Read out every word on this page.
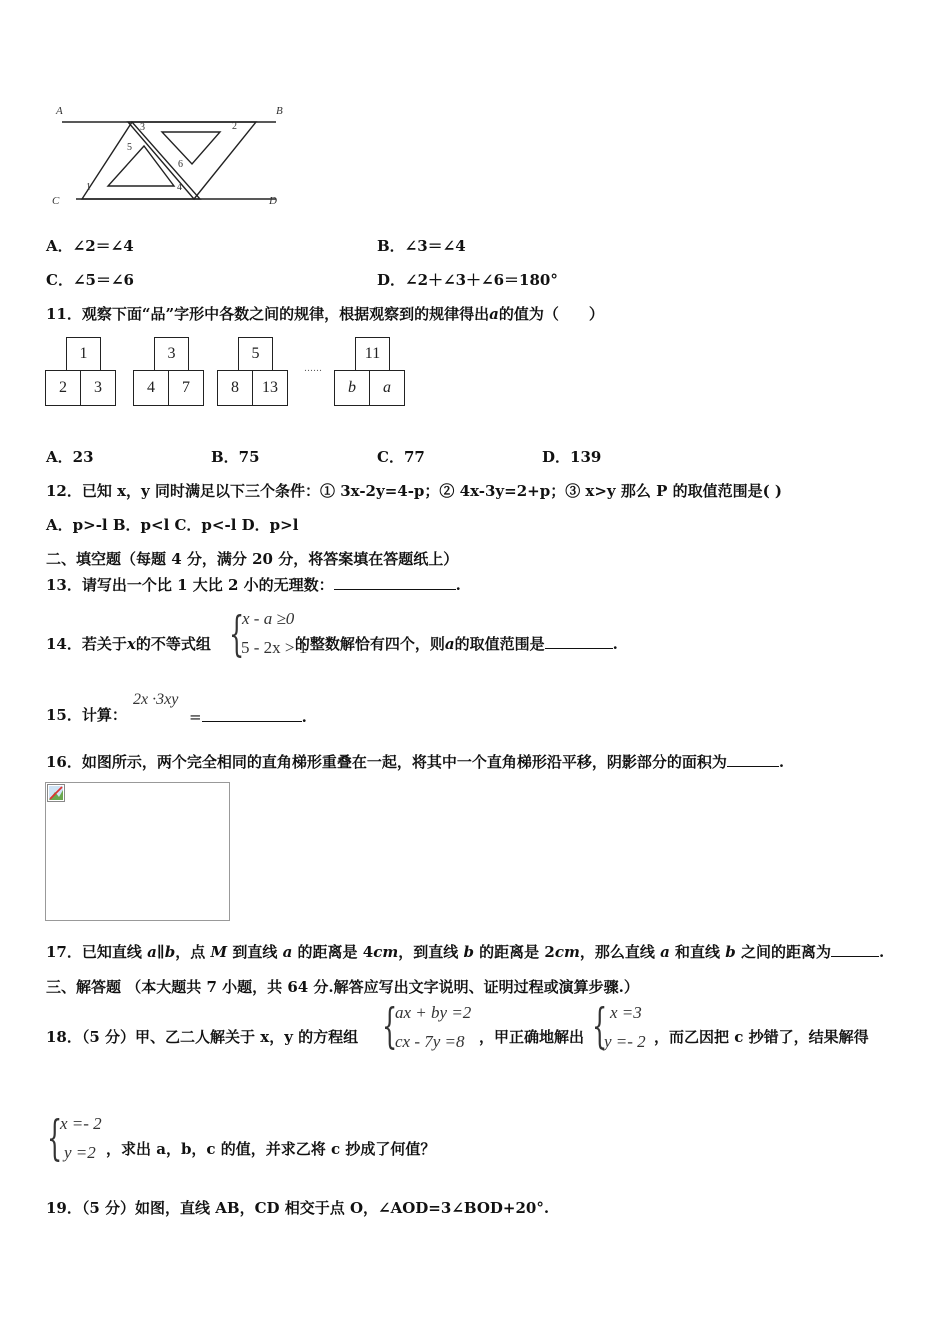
A	B
C	D
1
2
3
4
5
6
A．∠2＝∠4	B．∠3＝∠4
C．∠5＝∠6	D．∠2＋∠3＋∠6＝180°
11．观察下面“品”字形中各数之间的规律，根据观察到的规律得出a的值为（　　）
1
2	3
3
4	7
5
8	13
……
11
b	a
A．23	B．75	C．77	D．139
12．已知 x，y 同时满足以下三个条件：① 3x-2y=4-p；② 4x-3y=2+p；③ x>y 那么 P 的取值范围是( )
A．p>-l B．p<l C．p<-l D．p>l
二、填空题（每题 4 分，满分 20 分，将答案填在答题纸上）
13．请写出一个比 1 大比 2 小的无理数：	.
14．若关于x的不等式组	的整数解恰有四个，则a的取值范围是	.
{
x - a ≥0
5 - 2x > 1
15．计算：
2x ·3xy
=	.
16．如图所示，两个完全相同的直角梯形重叠在一起，将其中一个直角梯形沿平移，阴影部分的面积为	.
17．已知直线 a∥b，点 M 到直线 a 的距离是 4cm，到直线 b 的距离是 2cm，那么直线 a 和直线 b 之间的距离为	.
三、解答题 （本大题共 7 小题，共 64 分.解答应写出文字说明、证明过程或演算步骤.）
18．（5 分）甲、乙二人解关于 x，y 的方程组 {
ax + by =2
cx - 7y =8 ，甲正确地解出 { x =3
y =- 2 ，而乙因把 c 抄错了，结果解得
{
x =- 2
y =2 ，求出 a，b，c 的值，并求乙将 c 抄成了何值？
19．（5 分）如图，直线 AB，CD 相交于点 O，∠AOD=3∠BOD+20°.
